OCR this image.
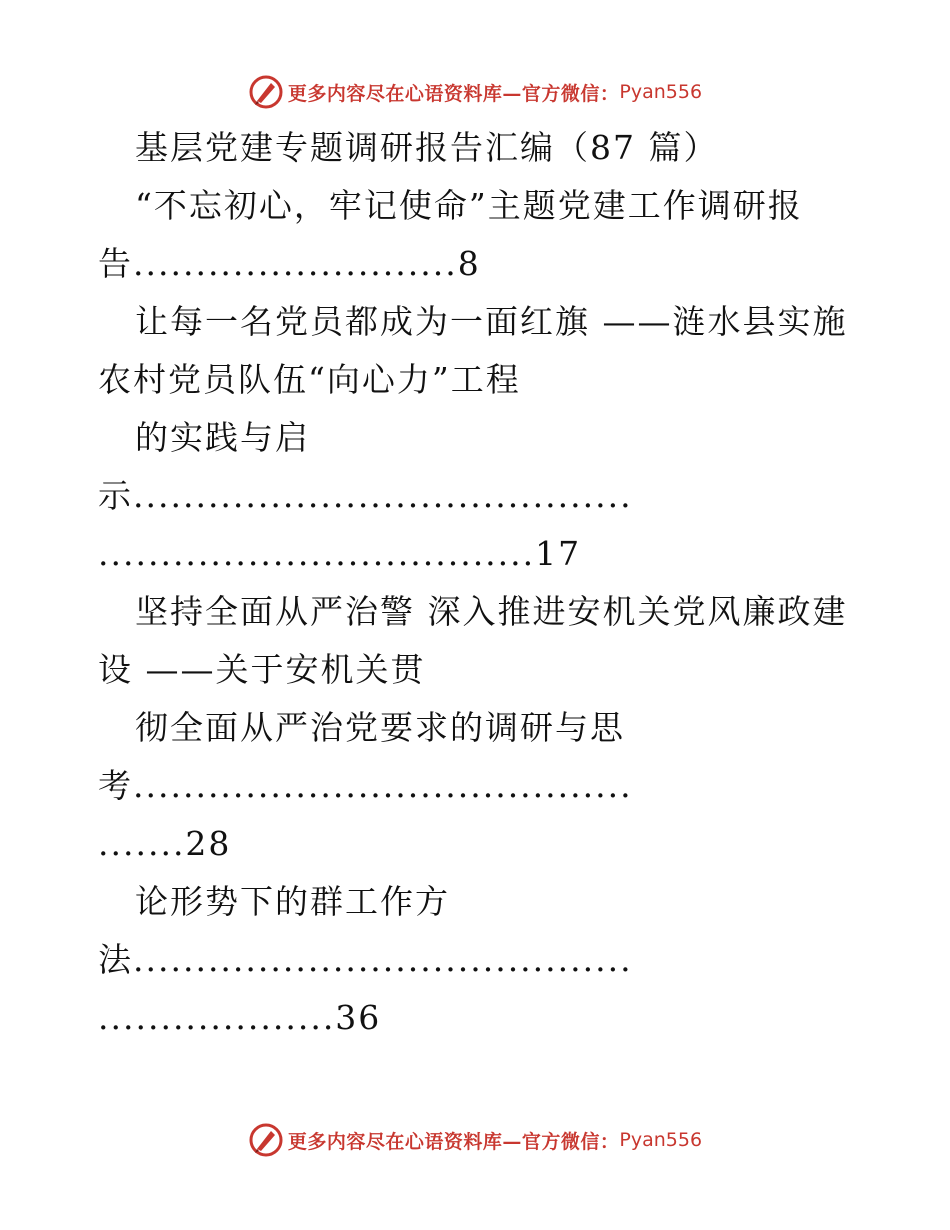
更多内容尽在心语资料库—官方微信： Pyan556
基层党建专题调研报告汇编（87 篇）
“不忘初心，牢记使命”主题党建工作调研报
告..........................8
让每一名党员都成为一面红旗 ——涟水县实施
农村党员队伍“向心力”工程
的实践与启
示........................................
...................................17
坚持全面从严治警 深入推进安机关党风廉政建
设 ——关于安机关贯
彻全面从严治党要求的调研与思
考........................................
.......28
论形势下的群工作方
法........................................
...................36
更多内容尽在心语资料库—官方微信： Pyan556
